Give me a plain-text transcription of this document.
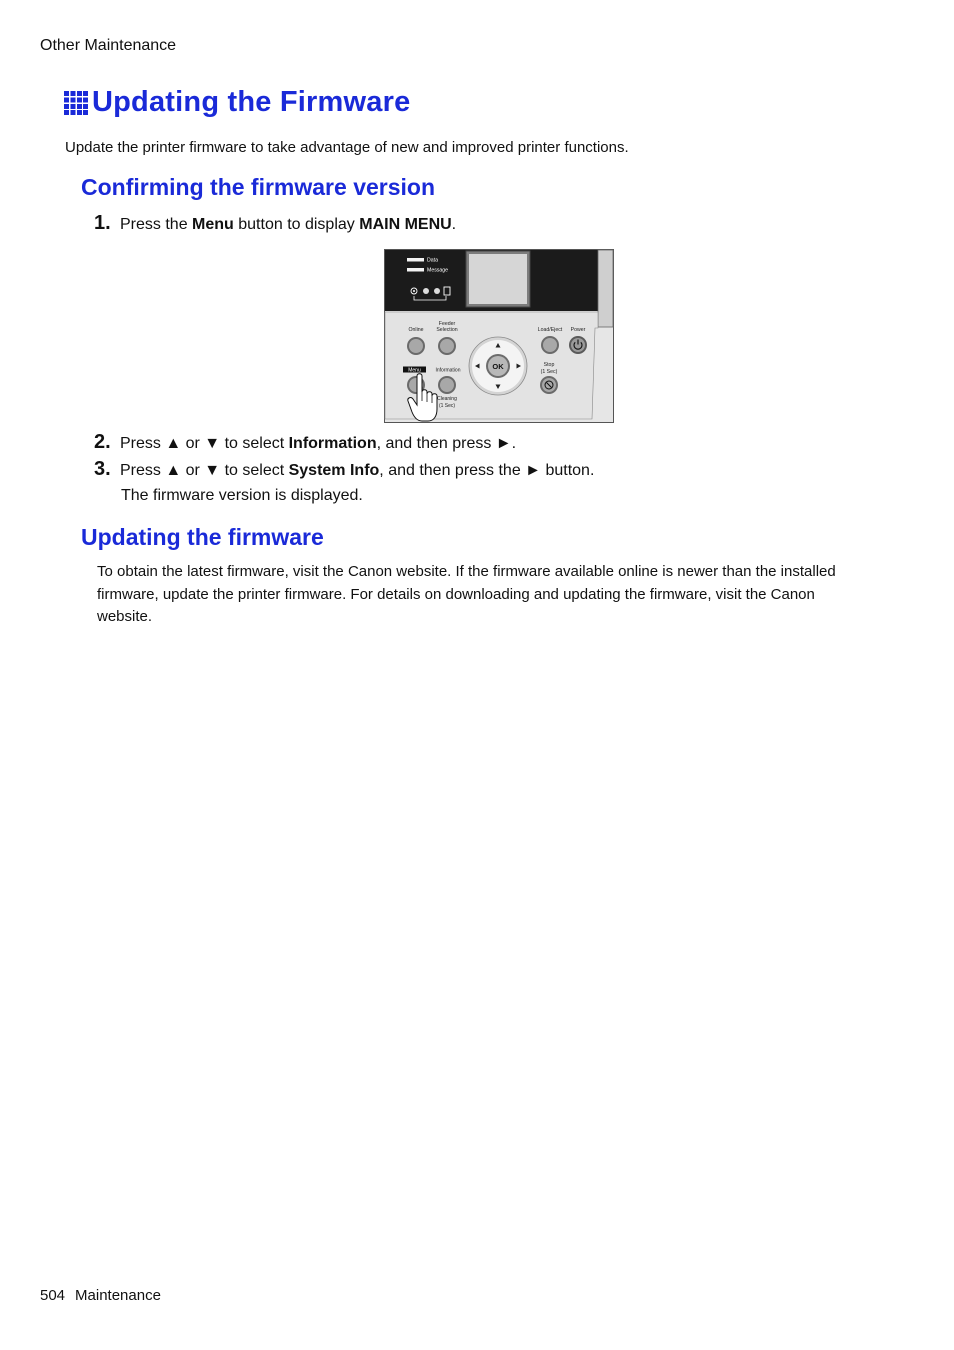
Other Maintenance
Updating the Firmware
Update the printer firmware to take advantage of new and improved printer functions.
Confirming the firmware version
1. Press the Menu button to display MAIN MENU.
Data
Message
Online
Feeder
Selection	Load/Eject Power
Menu	Information
Cleaning
(1 Sec)
OK	Stop
(1 Sec)
2. Press ▲ or ▼ to select Information, and then press ►.
3. Press ▲ or ▼ to select System Info, and then press the ► button.
The firmware version is displayed.
Updating the firmware
To obtain the latest firmware, visit the Canon website. If the firmware available online is newer than the installed firmware, update the printer firmware. For details on downloading and updating the firmware, visit the Canon website.
504 Maintenance
